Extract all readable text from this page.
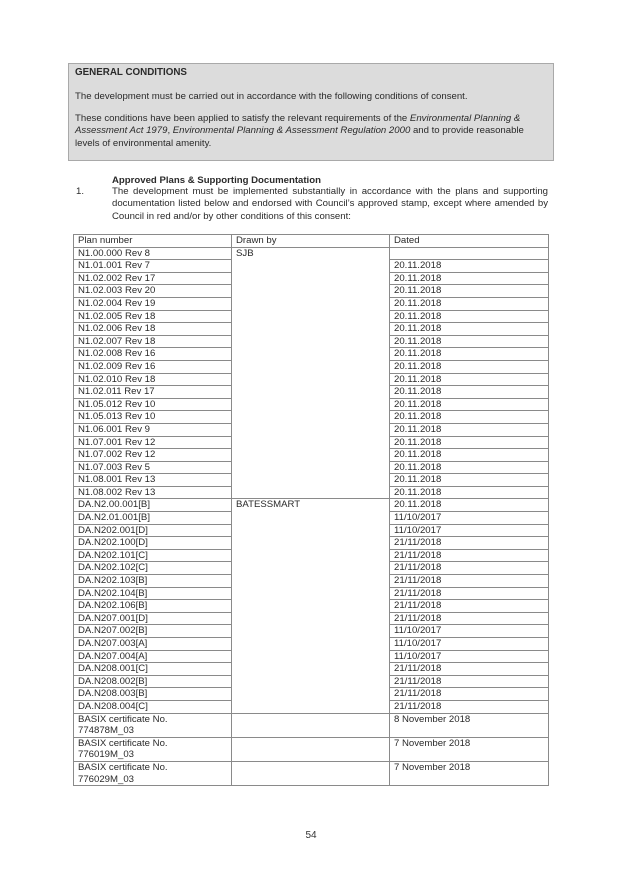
GENERAL CONDITIONS

The development must be carried out in accordance with the following conditions of consent.

These conditions have been applied to satisfy the relevant requirements of the Environmental Planning & Assessment Act 1979, Environmental Planning & Assessment Regulation 2000 and to provide reasonable levels of environmental amenity.

Approved Plans & Supporting Documentation
1.	The development must be implemented substantially in accordance with the plans and supporting documentation listed below and endorsed with Council’s approved stamp, except where amended by Council in red and/or by other conditions of this consent:
Plan number	Drawn by	Dated
N1.00.000 Rev 8	SJB	
N1.01.001 Rev 7		20.11.2018
N1.02.002 Rev 17		20.11.2018
N1.02.003 Rev 20		20.11.2018
N1.02.004 Rev 19		20.11.2018
N1.02.005 Rev 18		20.11.2018
N1.02.006 Rev 18		20.11.2018
N1.02.007 Rev 18		20.11.2018
N1.02.008 Rev 16		20.11.2018
N1.02.009 Rev 16		20.11.2018
N1.02.010 Rev 18		20.11.2018
N1.02.011 Rev 17		20.11.2018
N1.05.012 Rev 10		20.11.2018
N1.05.013 Rev 10		20.11.2018
N1.06.001 Rev 9		20.11.2018
N1.07.001 Rev 12		20.11.2018
N1.07.002 Rev 12		20.11.2018
N1.07.003 Rev 5		20.11.2018
N1.08.001 Rev 13		20.11.2018
N1.08.002 Rev 13		20.11.2018
DA.N2.00.001[B]	BATESSMART	20.11.2018
DA.N2.01.001[B]		11/10/2017
DA.N202.001[D]		11/10/2017
DA.N202.100[D]		21/11/2018
DA.N202.101[C]		21/11/2018
DA.N202.102[C]		21/11/2018
DA.N202.103[B]		21/11/2018
DA.N202.104[B]		21/11/2018
DA.N202.106[B]		21/11/2018
DA.N207.001[D]		21/11/2018
DA.N207.002[B]		11/10/2017
DA.N207.003[A]		11/10/2017
DA.N207.004[A]		11/10/2017
DA.N208.001[C]		21/11/2018
DA.N208.002[B]		21/11/2018
DA.N208.003[B]		21/11/2018
DA.N208.004[C]		21/11/2018

BASIX certificate No.
774878M_03		8 November 2018

BASIX certificate No.
776019M_03		7 November 2018

BASIX certificate No.
776029M_03		7 November 2018
54
